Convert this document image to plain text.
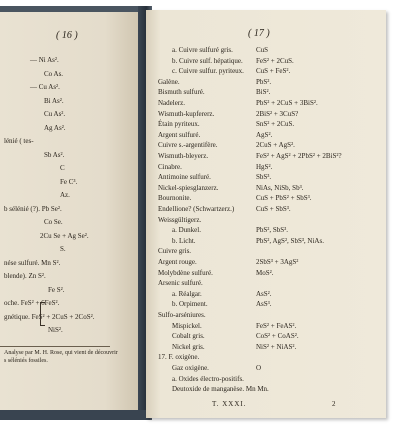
( 16 )
— Ni As².
Co As.
— Cu As².
Bi As².
Cu As².
Ag As².
lénié ( tes-
Sb As².
C
Fe C³.
Az.
b sélénié (?). Pb Se².
Co Se.
2Cu Se + Ag Se².
S.
nése sulfuré. Mn S².
blende). Zn S².
Fe S².
oche. FeS² + 6FeS².
gnétique. FeS² + 2CuS + 2CoS².
NiS².
Analyse par M. H. Rose, qui vient de découvrir
s séléniés fossiles.
( 17 )
a. Cuivre sulfuré gris.	CuS
b. Cuivre sulf. hépatique. FeS² + 2CuS.
c. Cuivre sulfur. pyriteux. CuS + FeS².
Galène.	PbS².
Bismuth sulfuré.	BiS².
Nadelerz.	PbS² + 2CuS + 3BiS².
Wismuth-kupfererz.	2BiS² + 3CuS?
Étain pyriteux.	SnS² + 2CuS.
Argent sulfuré.	AgS².
Cuivre s.-argentifère.	2CuS + AgS².
Wismuth-bleyerz.	FeS² + AgS² + 2PbS² + 2BiS²?
Cinabre.	HgS².
Antimoine sulfuré.	SbS³.
Nickel-spiesglanzerz.	NiAs, NiSb, Sb³.
Bournonite.	CuS + PbS² + SbS³.
Endellione? (Schwartzerz.)	CuS + SbS³.
Weissgültigerz.
a. Dunkel.	PbS², SbS³.
b. Licht.	PbS², AgS², SbS³, NiAs.
Cuivre gris.
Argent rouge.	2SbS³ + 3AgS²
Molybdène sulfuré.	MoS².
Arsenic sulfuré.
a. Réalgar.	AsS².
b. Orpiment.	AsS³.
Sulfo-arséniures.
Mispickel.	FeS² + FeAS².
Cobalt gris.	CoS² + CoAS².
Nickel gris.	NiS² + NiAS².
17. F. oxigène.
Gaz oxigène.	O
a. Oxides électro-positifs.
Deutoxide de manganèse. Mn Mn.
T. XXXI.	2
